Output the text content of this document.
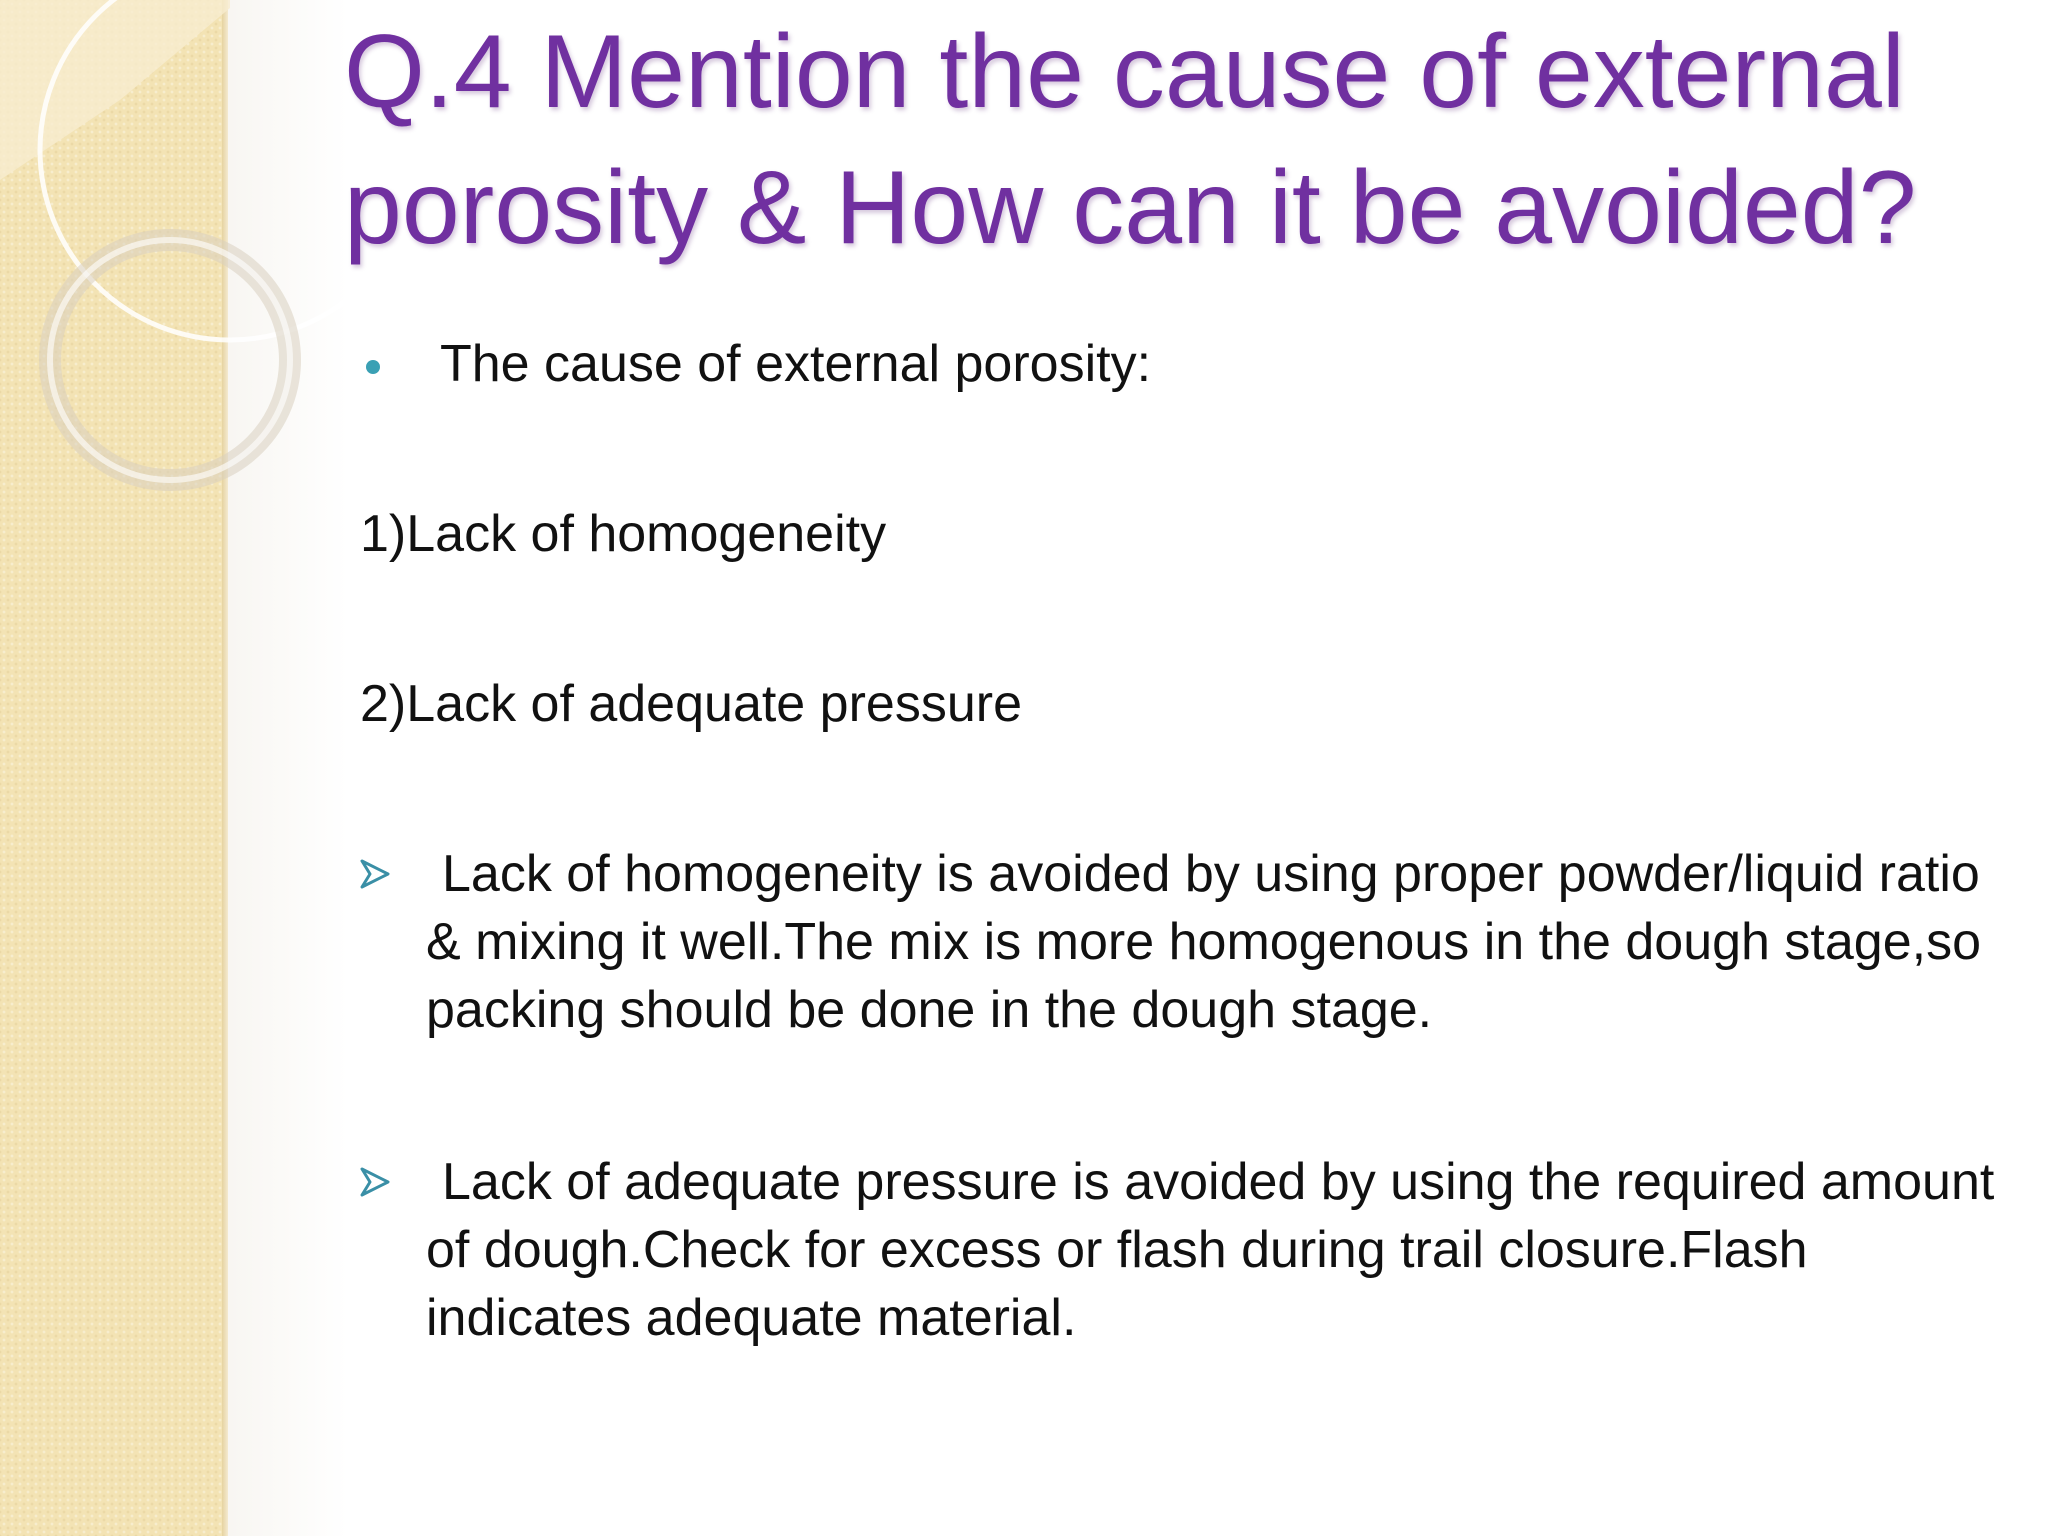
Q.4 Mention the cause of external porosity & How can it be avoided?
The cause of external porosity:

1)Lack of homogeneity

2)Lack of adequate pressure

Lack of homogeneity is avoided by using proper powder/liquid ratio & mixing it well.The mix is more homogenous in the dough stage,so packing should be done in the dough stage.

Lack of adequate pressure is avoided by using the required amount of dough.Check for excess or flash during trail closure.Flash indicates adequate material.
